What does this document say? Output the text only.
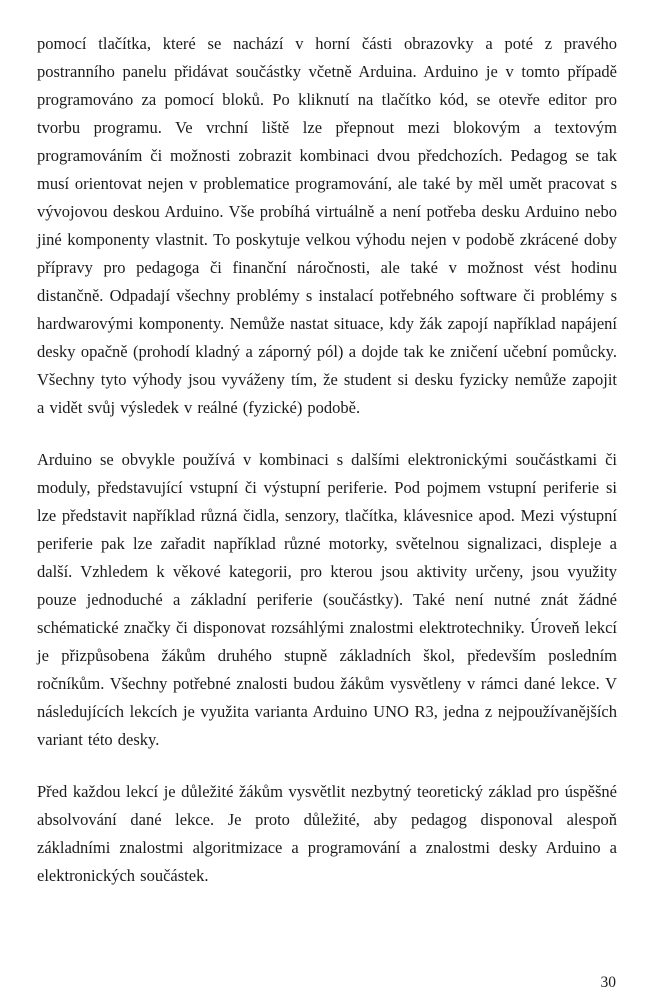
pomocí tlačítka, které se nachází v horní části obrazovky a poté z pravého postranního panelu přidávat součástky včetně Arduina. Arduino je v tomto případě programováno za pomocí bloků. Po kliknutí na tlačítko kód, se otevře editor pro tvorbu programu. Ve vrchní liště lze přepnout mezi blokovým a textovým programováním či možnosti zobrazit kombinaci dvou předchozích. Pedagog se tak musí orientovat nejen v problematice programování, ale také by měl umět pracovat s vývojovou deskou Arduino. Vše probíhá virtuálně a není potřeba desku Arduino nebo jiné komponenty vlastnit. To poskytuje velkou výhodu nejen v podobě zkrácené doby přípravy pro pedagoga či finanční náročnosti, ale také v možnost vést hodinu distančně. Odpadají všechny problémy s instalací potřebného software či problémy s hardwarovými komponenty. Nemůže nastat situace, kdy žák zapojí například napájení desky opačně (prohodí kladný a záporný pól) a dojde tak ke zničení učební pomůcky. Všechny tyto výhody jsou vyváženy tím, že student si desku fyzicky nemůže zapojit a vidět svůj výsledek v reálné (fyzické) podobě.

Arduino se obvykle používá v kombinaci s dalšími elektronickými součástkami či moduly, představující vstupní či výstupní periferie. Pod pojmem vstupní periferie si lze představit například různá čidla, senzory, tlačítka, klávesnice apod. Mezi výstupní periferie pak lze zařadit například různé motorky, světelnou signalizaci, displeje a další. Vzhledem k věkové kategorii, pro kterou jsou aktivity určeny, jsou využity pouze jednoduché a základní periferie (součástky). Také není nutné znát žádné schématické značky či disponovat rozsáhlými znalostmi elektrotechniky. Úroveň lekcí je přizpůsobena žákům druhého stupně základních škol, především posledním ročníkům. Všechny potřebné znalosti budou žákům vysvětleny v rámci dané lekce. V následujících lekcích je využita varianta Arduino UNO R3, jedna z nejpoužívanějších variant této desky.

Před každou lekcí je důležité žákům vysvětlit nezbytný teoretický základ pro úspěšné absolvování dané lekce. Je proto důležité, aby pedagog disponoval alespoň základními znalostmi algoritmizace a programování a znalostmi desky Arduino a elektronických součástek.

30
